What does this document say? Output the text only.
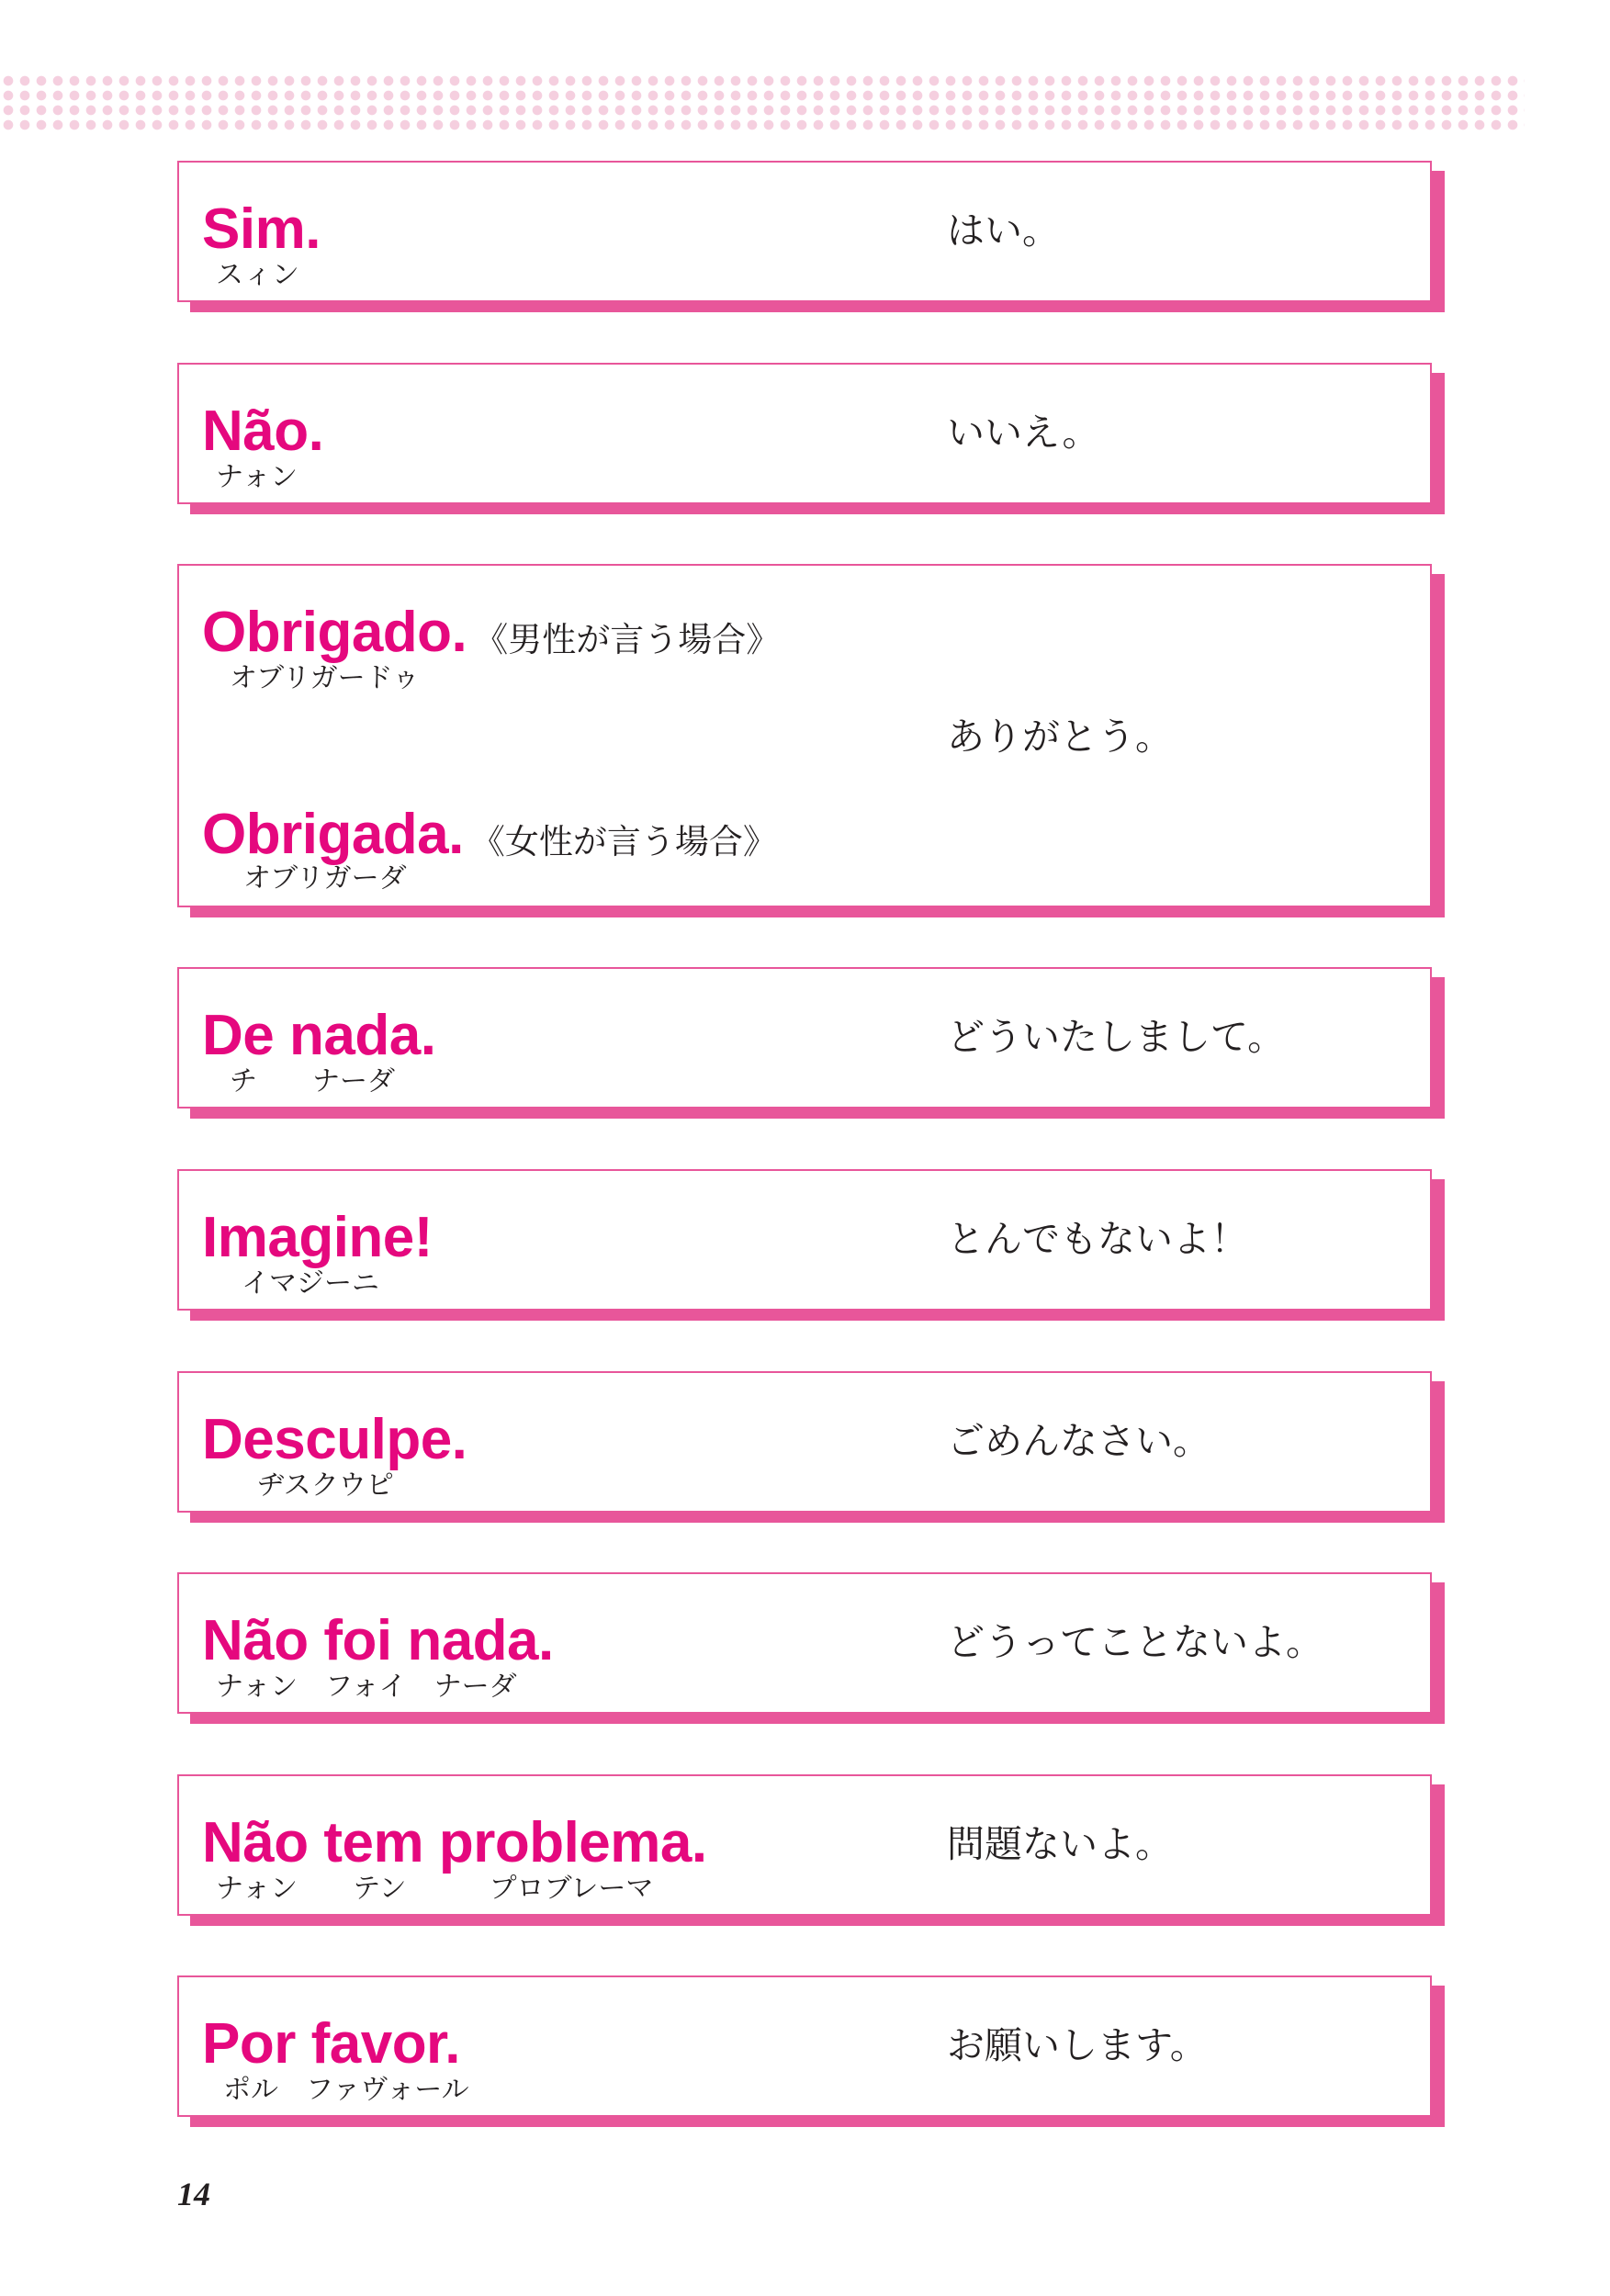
Sim.
スィン
はい。
Não.
ナォン
いいえ。
Obrigado. 《男性が言う場合》
オブリガードゥ
ありがとう。
Obrigada. 《女性が言う場合》
オブリガーダ
De nada.
チ　　ナーダ
どういたしまして。
Imagine!
イマジーニ
とんでもないよ！
Desculpe.
ヂスクウピ
ごめんなさい。
Não foi nada.
ナォン　フォイ　ナーダ
どうってことないよ。
Não tem problema.
ナォン　　テン　　　プロブレーマ
問題ないよ。
Por favor.
ポル　ファヴォール
お願いします。
14
